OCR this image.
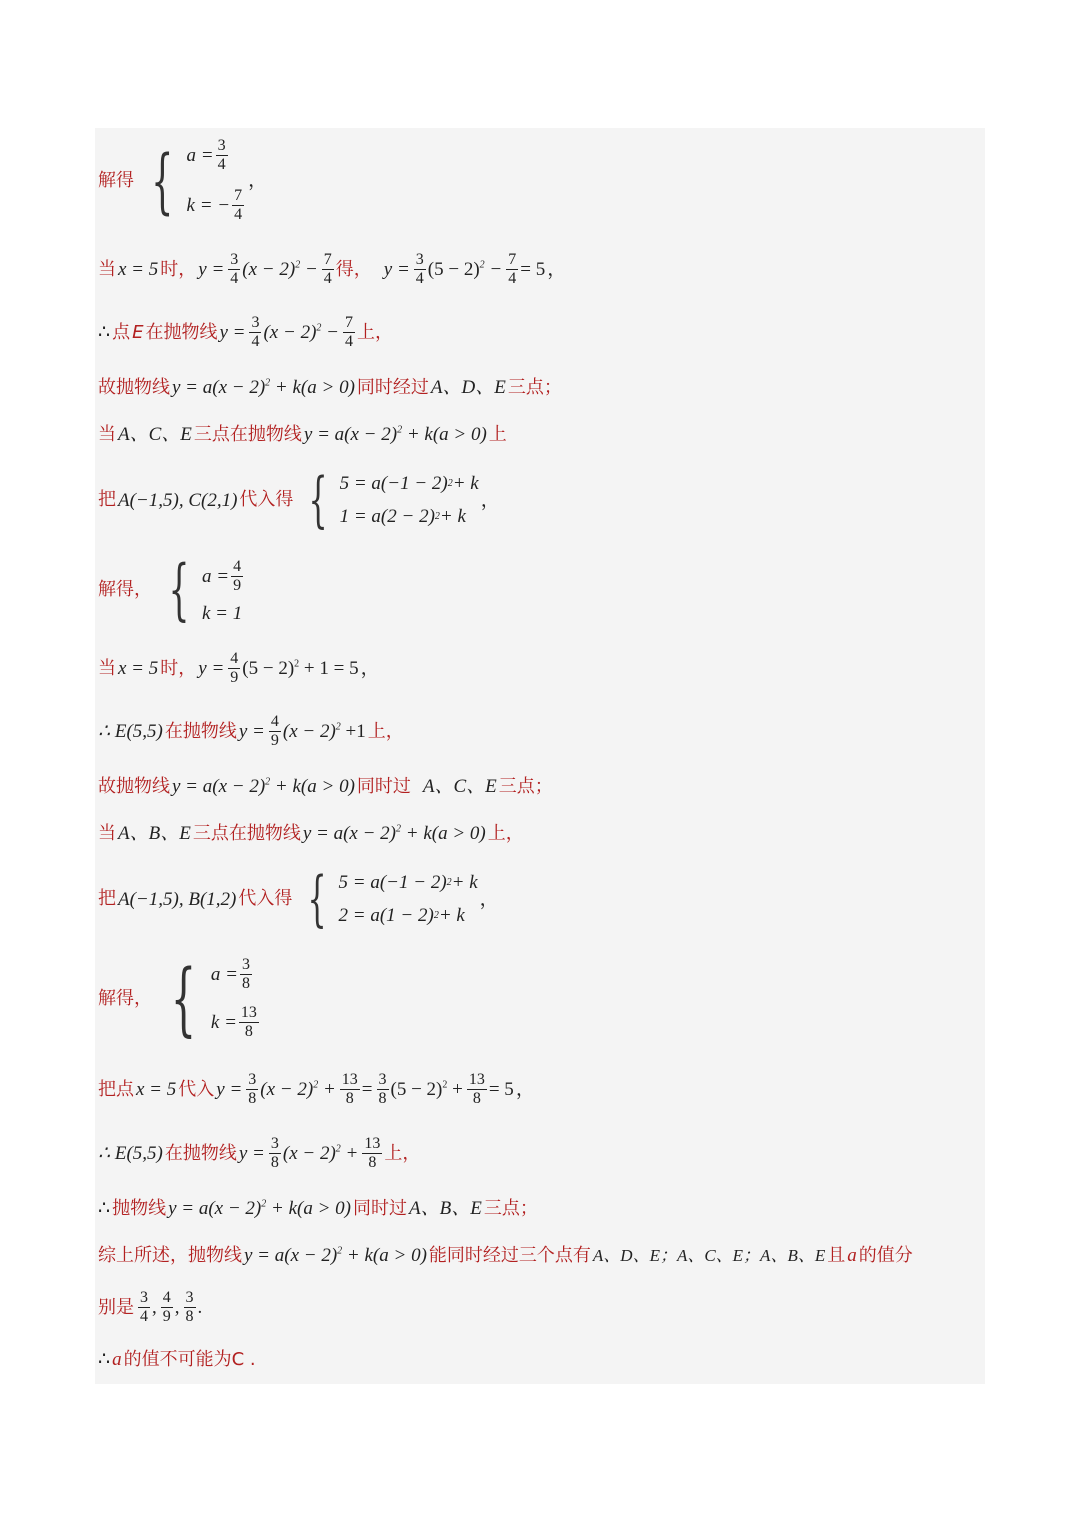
解得 { $a = \frac{3}{4}$
k = − $\frac{7}{4}$
，
当 x = 5 时， $y = \frac{3}{4} (x - 2)^2 - \frac{7}{4}$ 得， $y = \frac{3}{4} (5 - 2)^2 - \frac{7}{4} = 5$ ，
∴ 点 E 在抛物线 $y = \frac{3}{4} (x - 2)^2 - \frac{7}{4}$ 上，
故抛物线 $y = a(x - 2)^2 + k(a > 0)$ 同时经过 A、D、E 三点；
当 A、C、E 三点在抛物线 $y = a(x - 2)^2 + k(a > 0)$ 上
把 A(−1,5), C(2,1) 代入得 { 5 = a(−1 − 2) 2 + k
1 = a(2 − 2) 2 + k
，
解得， { $a = \frac{4}{9}$
k = 1
当 x = 5 时， $y = \frac{4}{9} (5 - 2)^2 + 1 = 5$ ，
∴ E(5,5) 在抛物线 $y = \frac{4}{9} (x - 2)^2 +1$ 上，
故抛物线 $y = a(x - 2)^2 + k(a > 0)$ 同时过 A、C、E 三点；
当 A、B、E 三点在抛物线 $y = a(x - 2)^2 + k(a > 0)$ 上，
把 A(−1,5), B(1,2) 代入得 { 5 = a(−1 − 2) 2 + k
2 = a(1 − 2) 2 + k
，
解得， { $a = \frac{3}{8}$
$k = \frac{13}{8}$
把点 x = 5 代入 $y = \frac{3}{8} (x - 2)^2 + \frac{13}{8} = \frac{3}{8} (5 - 2)^2 + \frac{13}{8} = 5$ ，
∴ E(5,5) 在抛物线 $y = \frac{3}{8} (x - 2)^2 + \frac{13}{8}$ 上，
∴ 抛物线 $y = a(x - 2)^2 + k(a > 0)$ 同时过 A、B、E 三点；
综上所述，抛物线 $y = a(x - 2)^2 + k(a > 0)$ 能同时经过三个点有 A、D、E；A、C、E；A、B、E 且 a 的值分
别是 $\frac{3}{4}$ , $\frac{4}{9}$ , $\frac{3}{8}$ .
∴ a 的值不可能为C .
